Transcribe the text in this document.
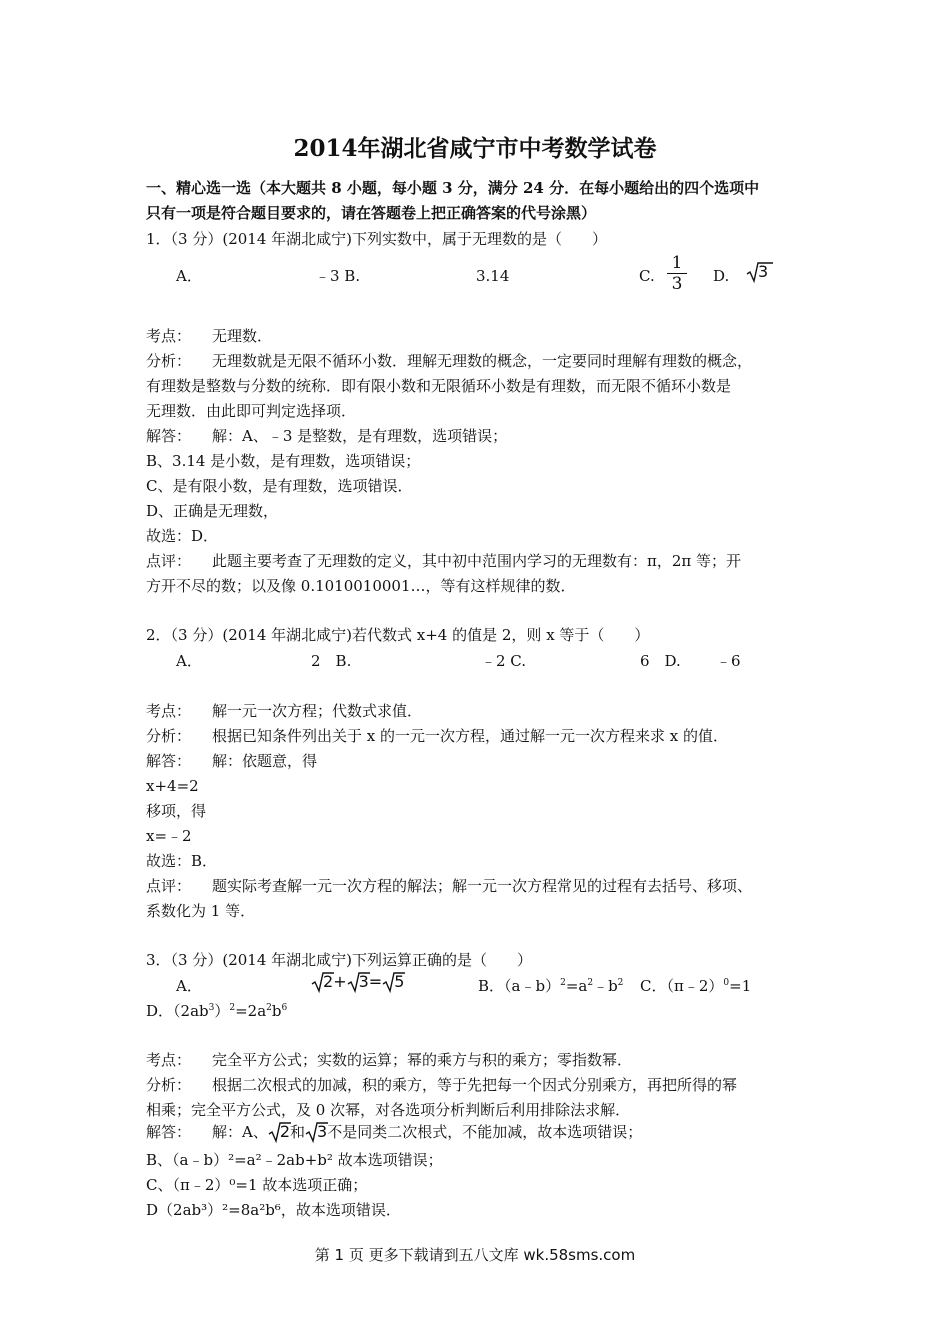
2014年湖北省咸宁市中考数学试卷
一、精心选一选（本大题共 8 小题，每小题 3 分，满分 24 分．在每小题给出的四个选项中
只有一项是符合题目要求的，请在答题卷上把正确答案的代号涂黑）
1．（3 分）(2014 年湖北咸宁)下列实数中，属于无理数的是（　　）
A．	﹣3 B.	3.14	C.
1
3	D.	3
考点： 无理数．
分析： 无理数就是无限不循环小数．理解无理数的概念，一定要同时理解有理数的概念，
有理数是整数与分数的统称．即有限小数和无限循环小数是有理数，而无限不循环小数是
无理数．由此即可判定选择项．
解答： 解：A、﹣3 是整数，是有理数，选项错误；
B、3.14 是小数，是有理数，选项错误；
C、是有限小数，是有理数，选项错误．
D、正确是无理数，
故选：D．
点评： 此题主要考查了无理数的定义，其中初中范围内学习的无理数有：π，2π 等；开
方开不尽的数；以及像 0.1010010001…，等有这样规律的数．
2．（3 分）(2014 年湖北咸宁)若代数式 x+4 的值是 2，则 x 等于（　　）
A．	2　B.	﹣2 C.	6　D. ﹣6
考点： 解一元一次方程；代数式求值．
分析： 根据已知条件列出关于 x 的一元一次方程，通过解一元一次方程来求 x 的值．
解答： 解：依题意，得
x+4=2
移项，得
x=﹣2
故选：B．
点评： 题实际考查解一元一次方程的解法；解一元一次方程常见的过程有去括号、移项、
系数化为 1 等．
3．（3 分）(2014 年湖北咸宁)下列运算正确的是（　　）
A．	2+ 3= 5	B．$(a﹣b)^2=a^2﹣b^2$ C．（π﹣2）$^0$=1
D．$(2ab^3)^2=2a^2b^6$
考点： 完全平方公式；实数的运算；幂的乘方与积的乘方；零指数幂．
分析： 根据二次根式的加减，积的乘方，等于先把每一个因式分别乘方，再把所得的幂
相乘；完全平方公式，及 0 次幂，对各选项分析判断后利用排除法求解．
解答： 解：A、 2和 3不是同类二次根式，不能加减，故本选项错误；
B、（a﹣b）²=a²﹣2ab+b² 故本选项错误；
C、（π﹣2）⁰=1 故本选项正确；
D（2ab³）²=8a²b⁶，故本选项错误．
第 1 页 更多下载请到五八文库 wk.58sms.com
